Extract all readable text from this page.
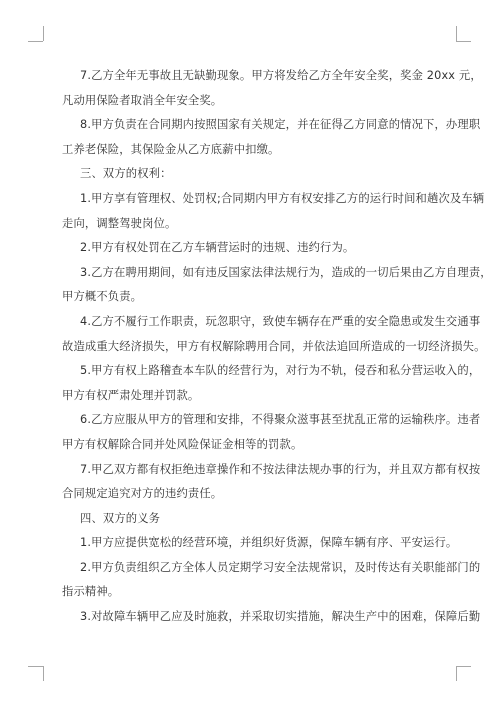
7.乙方全年无事故且无缺勤现象。甲方将发给乙方全年安全奖，奖金 20xx 元，

凡动用保险者取消全年安全奖。

8.甲方负责在合同期内按照国家有关规定，并在征得乙方同意的情况下，办理职

工养老保险，其保险金从乙方底薪中扣缴。

三、双方的权利：

1.甲方享有管理权、处罚权;合同期内甲方有权安排乙方的运行时间和趟次及车辆

走向，调整驾驶岗位。

2.甲方有权处罚在乙方车辆营运时的违规、违约行为。

3.乙方在聘用期间，如有违反国家法律法规行为，造成的一切后果由乙方自理责，

甲方概不负责。

4.乙方不履行工作职责，玩忽职守，致使车辆存在严重的安全隐患或发生交通事

故造成重大经济损失，甲方有权解除聘用合同，并依法追回所造成的一切经济损失。

5.甲方有权上路稽查本车队的经营行为，对行为不轨，侵吞和私分营运收入的，

甲方有权严肃处理并罚款。

6.乙方应服从甲方的管理和安排，不得聚众滋事甚至扰乱正常的运输秩序。违者

甲方有权解除合同并处风险保证金相等的罚款。

7.甲乙双方都有权拒绝违章操作和不按法律法规办事的行为，并且双方都有权按

合同规定追究对方的违约责任。

四、双方的义务

1.甲方应提供宽松的经营环境，并组织好货源，保障车辆有序、平安运行。

2.甲方负责组织乙方全体人员定期学习安全法规常识，及时传达有关职能部门的

指示精神。

3.对故障车辆甲乙应及时施救，并采取切实措施，解决生产中的困难，保障后勤
